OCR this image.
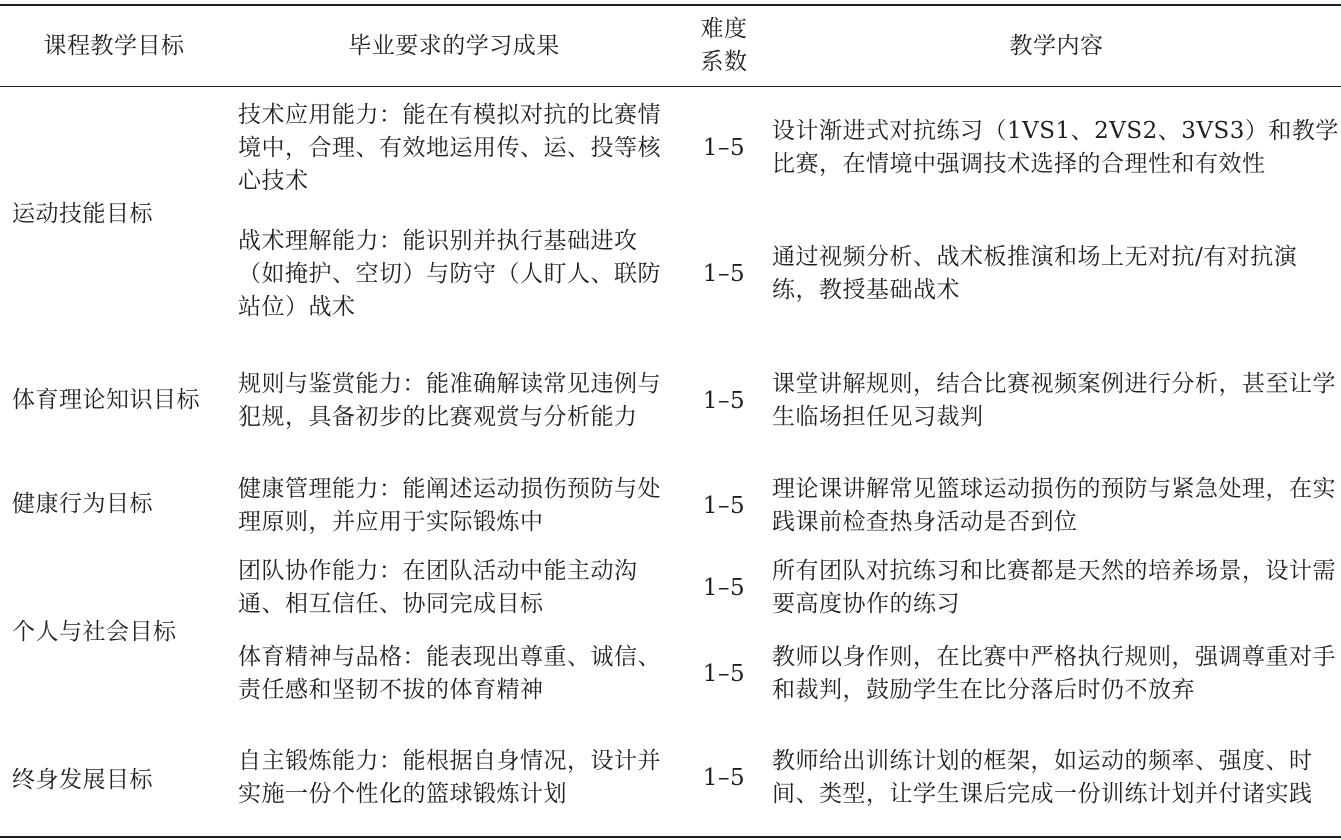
课程教学目标	毕业要求的学习成果
难度
系数
教学内容
运动技能目标
体育理论知识目标
健康行为目标
个人与社会目标
终身发展目标
技术应用能力：能在有模拟对抗的比赛情境中，合理、有效地运用传、运、投等核心技术
1–5
设计渐进式对抗练习（1VS1、2VS2、3VS3）和教学比赛，在情境中强调技术选择的合理性和有效性
战术理解能力：能识别并执行基础进攻（如掩护、空切）与防守（人盯人、联防站位）战术
1–5
通过视频分析、战术板推演和场上无对抗/有对抗演练，教授基础战术
规则与鉴赏能力：能准确解读常见违例与犯规，具备初步的比赛观赏与分析能力
1–5
课堂讲解规则，结合比赛视频案例进行分析，甚至让学生临场担任见习裁判
健康管理能力：能阐述运动损伤预防与处理原则，并应用于实际锻炼中
1–5
理论课讲解常见篮球运动损伤的预防与紧急处理，在实践课前检查热身活动是否到位
团队协作能力：在团队活动中能主动沟通、相互信任、协同完成目标
1–5
所有团队对抗练习和比赛都是天然的培养场景，设计需要高度协作的练习
体育精神与品格：能表现出尊重、诚信、责任感和坚韧不拔的体育精神
1–5
教师以身作则，在比赛中严格执行规则，强调尊重对手和裁判，鼓励学生在比分落后时仍不放弃
自主锻炼能力：能根据自身情况，设计并实施一份个性化的篮球锻炼计划
1–5
教师给出训练计划的框架，如运动的频率、强度、时间、类型，让学生课后完成一份训练计划并付诸实践
